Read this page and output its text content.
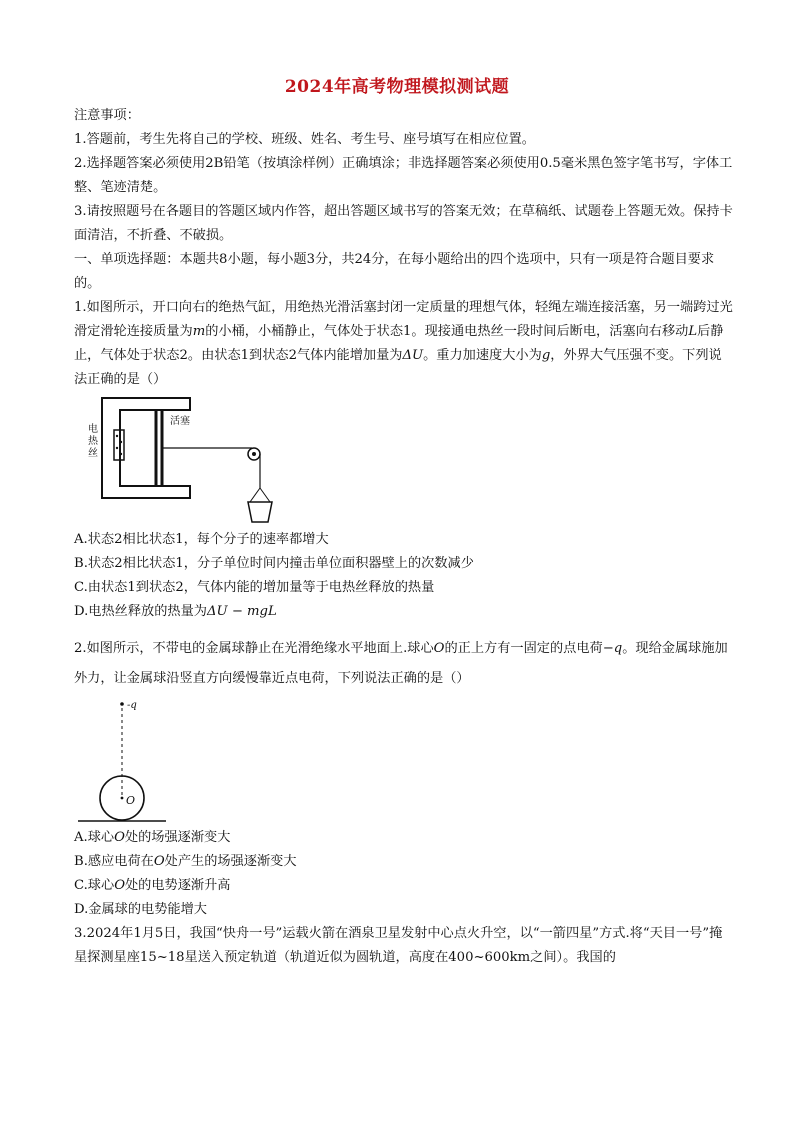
2024年高考物理模拟测试题

注意事项：

1.答题前，考生先将自己的学校、班级、姓名、考生号、座号填写在相应位置。

2.选择题答案必须使用2B铅笔（按填涂样例）正确填涂；非选择题答案必须使用0.5毫米黑色签字笔书写，字体工整、笔迹清楚。

3.请按照题号在各题目的答题区域内作答，超出答题区域书写的答案无效；在草稿纸、试题卷上答题无效。保持卡面清洁，不折叠、不破损。

一、单项选择题：本题共8小题，每小题3分，共24分，在每小题给出的四个选项中，只有一项是符合题目要求的。

1.如图所示，开口向右的绝热气缸，用绝热光滑活塞封闭一定质量的理想气体，轻绳左端连接活塞，另一端跨过光滑定滑轮连接质量为m的小桶，小桶静止，气体处于状态1。现接通电热丝一段时间后断电，活塞向右移动L后静止，气体处于状态2。由状态1到状态2气体内能增加量为ΔU。重力加速度大小为g，外界大气压强不变。下列说法正确的是（）

电
热
丝
活塞

A.状态2相比状态1，每个分子的速率都增大

B.状态2相比状态1，分子单位时间内撞击单位面积器壁上的次数减少

C.由状态1到状态2，气体内能的增加量等于电热丝释放的热量

D.电热丝释放的热量为ΔU − mgL

2.如图所示，不带电的金属球静止在光滑绝缘水平地面上.球心O的正上方有一固定的点电荷−q。现给金属球施加外力，让金属球沿竖直方向缓慢靠近点电荷，下列说法正确的是（）

-q
O

A.球心O处的场强逐渐变大

B.感应电荷在O处产生的场强逐渐变大

C.球心O处的电势逐渐升高

D.金属球的电势能增大

3.2024年1月5日，我国“快舟一号”运载火箭在酒泉卫星发射中心点火升空，以“一箭四星”方式.将“天目一号”掩星探测星座15~18星送入预定轨道（轨道近似为圆轨道，高度在400~600km之间）。我国的
